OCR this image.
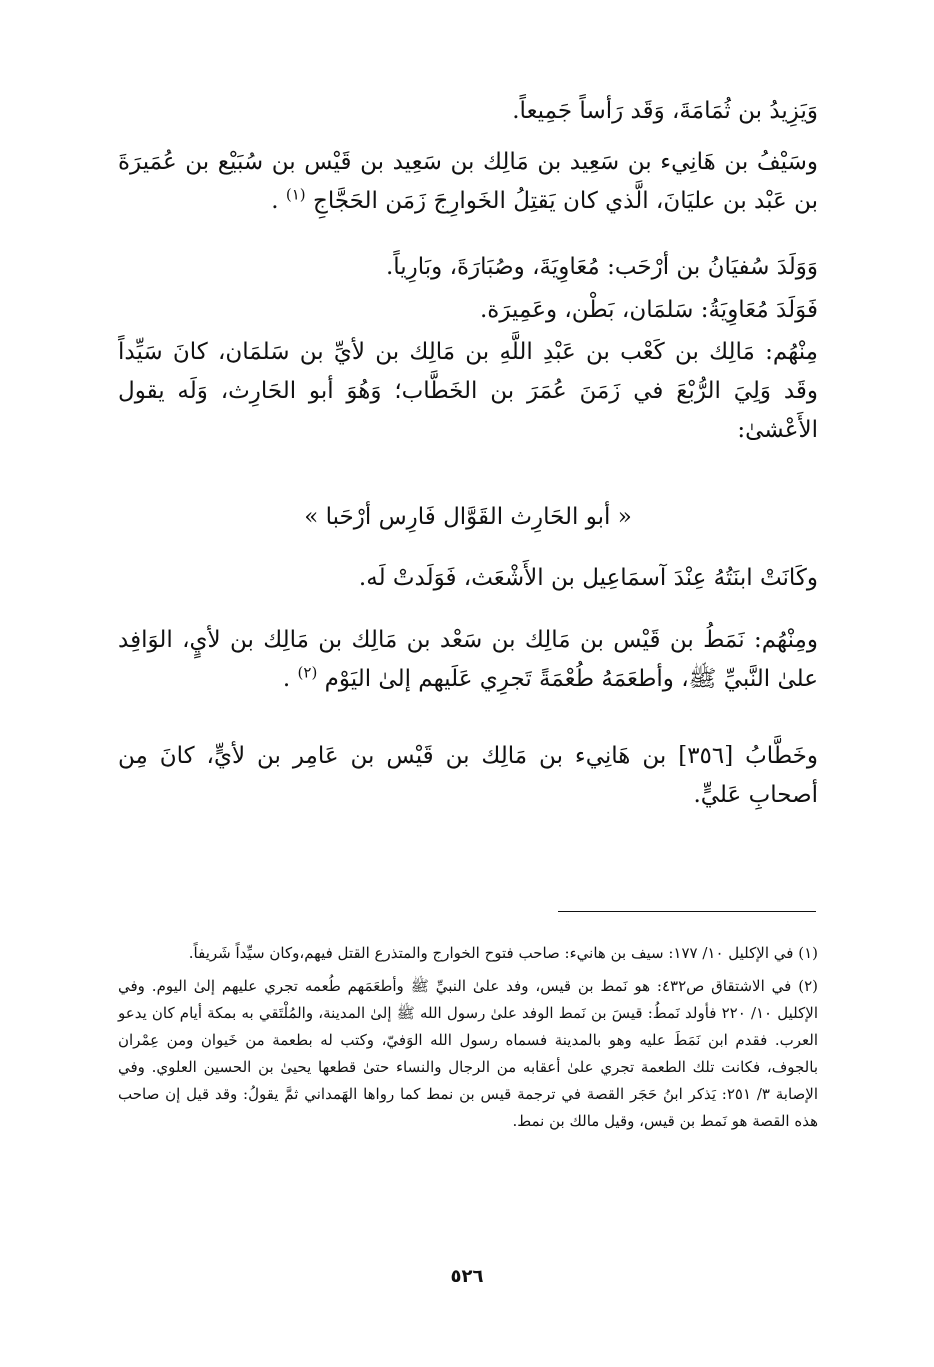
وَيَزِيدُ بن ثُمَامَةَ، وَقَد رَأساً جَمِيعاً.

وسَيْفُ بن هَانِيء بن سَعِيد بن مَالِك بن سَعِيد بن قَيْس بن سُبَيْع بن عُمَيرَةَ بن عَبْد بن عليَانَ، الَّذي كان يَقتِلُ الخَوارِجَ زَمَن الحَجَّاجِ $^{(١)}$ .

وَوَلَدَ سُفيَانُ بن أرْحَب: مُعَاوِيَةَ، وصُبَارَةَ، وبَارِياً.

فَوَلَدَ مُعَاوِيَةُ: سَلمَان، بَطْن، وعَمِيرَة.

مِنْهُم: مَالِك بن كَعْب بن عَبْدِ اللَّهِ بن مَالِك بن لأيِّ بن سَلمَان، كانَ سَيِّداً وقَد وَلِيَ الرُّبْعَ في زَمَنَ عُمَرَ بن الخَطَّاب؛ وَهُوَ أبو الحَارِث، وَلَه يقول الأَعْشىٰ:

« أبو الحَارِث القَوَّال فَارِس أرْحَبا »

وكَانَتْ ابنَتُهُ عِنْدَ آسمَاعِيل بن الأَشْعَث، فَوَلَدتْ لَه.

ومِنْهُم: نَمَطُ بن قَيْس بن مَالِك بن سَعْد بن مَالِك بن مَالِك بن لأيٍ، الوَافِد علىٰ النَّبيِّ ﷺ، وأطعَمَهُ طُعْمَةً تَجرِي عَلَيهم إلىٰ اليَوْم $^{(٢)}$ .

وخَطَّابُ [٣٥٦] بن هَانِيء بن مَالِك بن قَيْس بن عَامِر بن لأيٍّ، كانَ مِن أصحابِ عَليٍّ.

(١) في الإكليل ١٠/ ١٧٧: سيف بن هانيء: صاحب فتوح الخوارج والمتذرع القتل فيهم،وكان سيِّداً شَريفاً.

(٢) في الاشتقاق ص٤٣٢: هو نَمط بن قيس، وفد علىٰ النبيِّ ﷺ وأطعَمَهم طُعمه تجري عليهم إلىٰ اليوم. وفي الإكليل ١٠/ ٢٢٠ فأولد نَمطُ: قيسَ بن نَمط الوفد علىٰ رسول الله ﷺ إلىٰ المدينة، والمُلْتَقي به بمكة أيام كان يدعو العرب. فقدم ابن نَمَطَ عليه وهو بالمدينة فسماه رسول الله الوَفيّ، وكتب له بطعمة من خَيوان ومن عِمْران بالجوف، فكانت تلك الطعمة تجري علىٰ أعقابه من الرجال والنساء حتىٰ قطعها يحيىٰ بن الحسين العلوي. وفي الإصابة ٣/ ٢٥١: يَذكر ابنُ حَجَر القصة في ترجمة قيس بن نمط كما رواها الهَمداني ثمَّ يقولُ: وقد قيل إن صاحب هذه القصة هو نَمط بن قيس، وقيل مالك بن نمط.

٥٢٦
